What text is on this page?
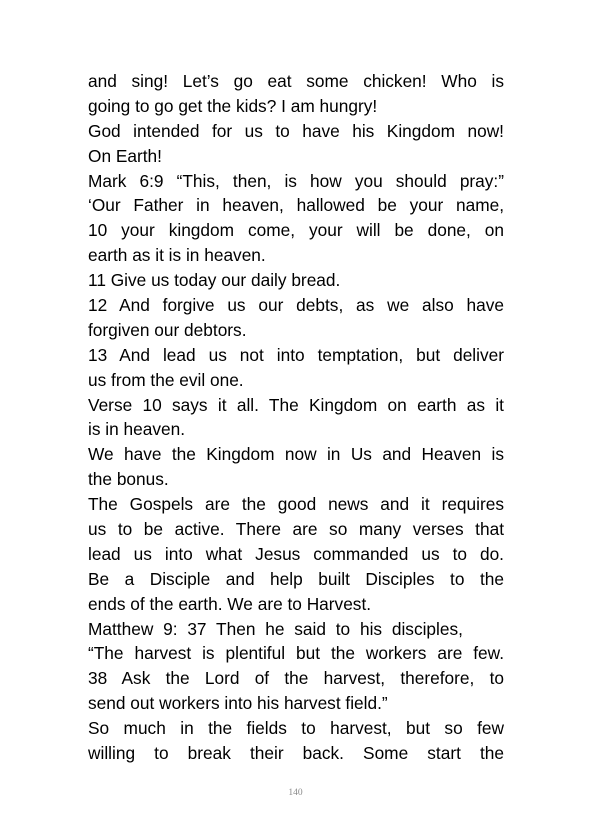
and sing! Let’s go eat some chicken! Who is
going to go get the kids? I am hungry!
God intended for us to have his Kingdom now!
On Earth!
Mark 6:9 “This, then, is how you should pray:”
‘Our Father in heaven, hallowed be your name,
10 your kingdom come, your will be done, on
earth as it is in heaven.
11 Give us today our daily bread.
12 And forgive us our debts, as we also have
forgiven our debtors.
13 And lead us not into temptation, but deliver
us from the evil one.
Verse 10 says it all. The Kingdom on earth as it
is in heaven.
We have the Kingdom now in Us and Heaven is
the bonus.
The Gospels are the good news and it requires
us to be active. There are so many verses that
lead us into what Jesus commanded us to do.
Be a Disciple and help built Disciples to the
ends of the earth. We are to Harvest.
Matthew 9: 37 Then he said to his disciples,
“The harvest is plentiful but the workers are few.
38 Ask the Lord of the harvest, therefore, to
send out workers into his harvest field.”
So much in the fields to harvest, but so few
willing to break their back. Some start the
140
